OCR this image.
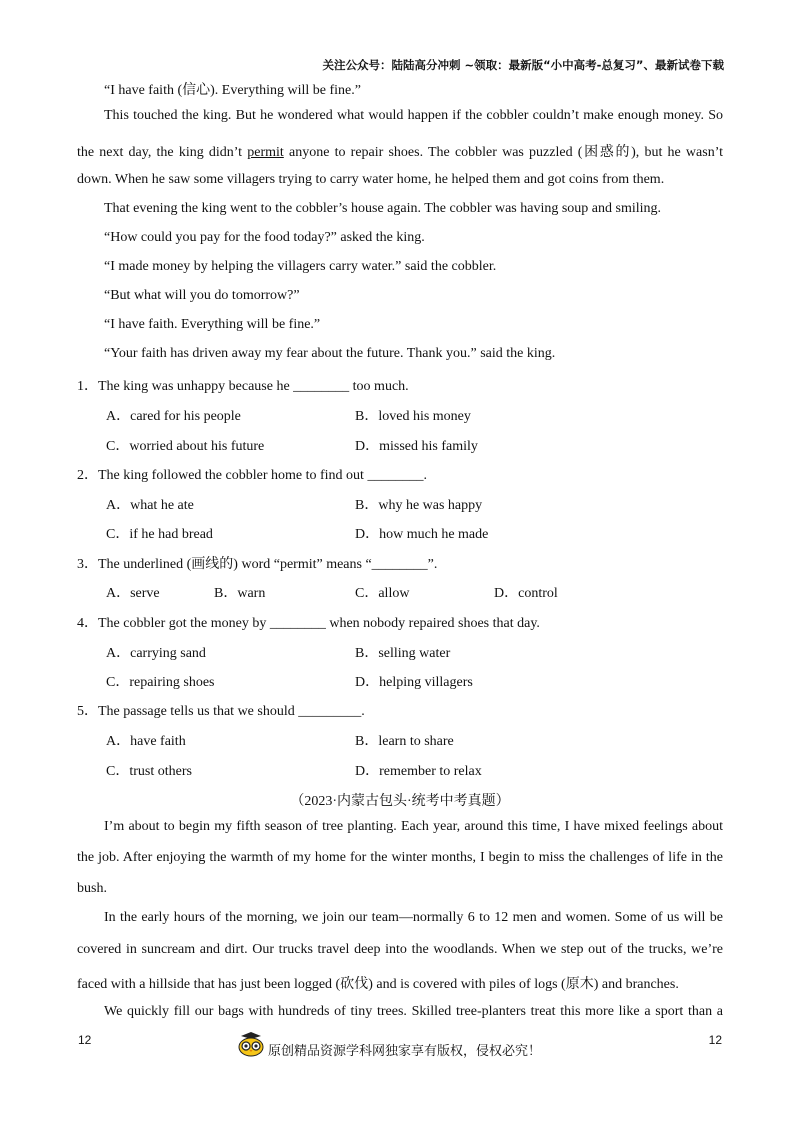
关注公众号：陆陆高分冲刺 ~领取：最新版“小中高考-总复习”、最新试卷下载
“I have faith (信心). Everything will be fine.”
This touched the king. But he wondered what would happen if the cobbler couldn’t make enough money. So
the next day, the king didn’t permit anyone to repair shoes. The cobbler was puzzled (困惑的), but he wasn’t
down. When he saw some villagers trying to carry water home, he helped them and got coins from them.
That evening the king went to the cobbler’s house again. The cobbler was having soup and smiling.
“How could you pay for the food today?” asked the king.
“I made money by helping the villagers carry water.” said the cobbler.
“But what will you do tomorrow?”
“I have faith. Everything will be fine.”
“Your faith has driven away my fear about the future. Thank you.” said the king.
1．The king was unhappy because he ________ too much.
A．cared for his people	B．loved his money
C．worried about his future	D．missed his family
2．The king followed the cobbler home to find out ________.
A．what he ate	B．why he was happy
C．if he had bread	D．how much he made
3．The underlined (画线的) word “permit” means “________”.
A．serve	B．warn	C．allow	D．control
4．The cobbler got the money by ________ when nobody repaired shoes that day.
A．carrying sand	B．selling water
C．repairing shoes	D．helping villagers
5．The passage tells us that we should _________.
A．have faith	B．learn to share
C．trust others	D．remember to relax
（2023·内蒙古包头·统考中考真题）
I’m about to begin my fifth season of tree planting. Each year, around this time, I have mixed feelings about
the job. After enjoying the warmth of my home for the winter months, I begin to miss the challenges of life in the
bush.
In the early hours of the morning, we join our team—normally 6 to 12 men and women. Some of us will be
covered in suncream and dirt. Our trucks travel deep into the woodlands. When we step out of the trucks, we’re
faced with a hillside that has just been logged (砍伐) and is covered with piles of logs (原木) and branches.
We quickly fill our bags with hundreds of tiny trees. Skilled tree-planters treat this more like a sport than a
12	12
原创精品资源学科网独家享有版权，侵权必究！
